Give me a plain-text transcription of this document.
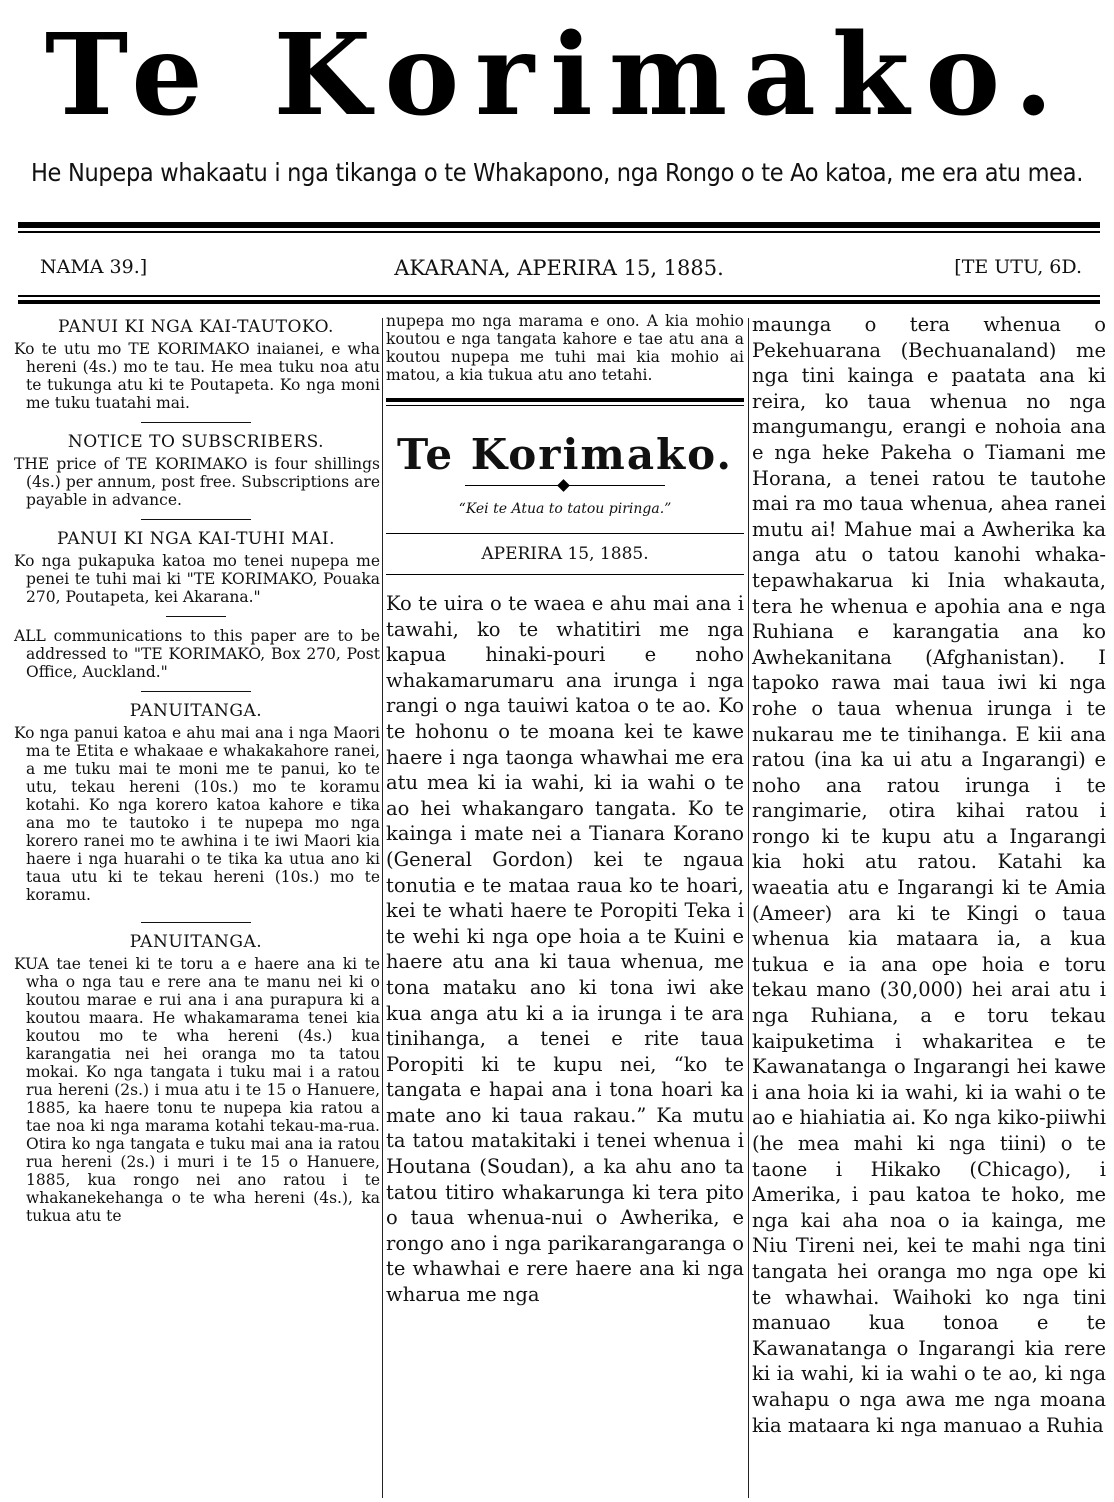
Te Korimako.
He Nupepa whakaatu i nga tikanga o te Whakapono, nga Rongo o te Ao katoa, me era atu mea.
NAMA 39.]	AKARANA, APERIRA 15, 1885.	[TE UTU, 6D.
PANUI KI NGA KAI-TAUTOKO.

Ko te utu mo TE KORIMAKO inaianei, e wha hereni (4s.) mo te tau. He mea tuku noa atu te tukunga atu ki te Poutapeta. Ko nga moni me tuku tuatahi mai.

NOTICE TO SUBSCRIBERS.

THE price of TE KORIMAKO is four shillings (4s.) per annum, post free. Subscriptions are payable in advance.

PANUI KI NGA KAI-TUHI MAI.

Ko nga pukapuka katoa mo tenei nupepa me penei te tuhi mai ki "TE KORIMAKO, Pouaka 270, Poutapeta, kei Akarana."

ALL communications to this paper are to be addressed to "TE KORIMAKO, Box 270, Post Office, Auckland."

PANUITANGA.

Ko nga panui katoa e ahu mai ana i nga Maori ma te Etita e whakaae e whakakahore ranei, a me tuku mai te moni me te panui, ko te utu, tekau hereni (10s.) mo te koramu kotahi. Ko nga korero katoa kahore e tika ana mo te tautoko i te nupepa mo nga korero ranei mo te awhina i te iwi Maori kia haere i nga huarahi o te tika ka utua ano ki taua utu ki te tekau hereni (10s.) mo te koramu.

PANUITANGA.

KUA tae tenei ki te toru a e haere ana ki te wha o nga tau e rere ana te manu nei ki o koutou marae e rui ana i ana purapura ki a koutou maara. He whakamarama tenei kia koutou mo te wha hereni (4s.) kua karangatia nei hei oranga mo ta tatou mokai. Ko nga tangata i tuku mai i a ratou rua hereni (2s.) i mua atu i te 15 o Hanuere, 1885, ka haere tonu te nupepa kia ratou a tae noa ki nga marama kotahi tekau-ma-rua. Otira ko nga tangata e tuku mai ana ia ratou rua hereni (2s.) i muri i te 15 o Hanuere, 1885, kua rongo nei ano ratou i te whakanekehanga o te wha hereni (4s.), ka tukua atu te

nupepa mo nga marama e ono. A kia mohio koutou e nga tangata kahore e tae atu ana a koutou nupepa me tuhi mai kia mohio ai matou, a kia tukua atu ano tetahi.
Te Korimako.
“Kei te Atua to tatou piringa.”
APERIRA 15, 1885.
Ko te uira o te waea e ahu mai ana i tawahi, ko te whatitiri me nga kapua hinaki-pouri e noho whakamarumaru ana irunga i nga rangi o nga tauiwi katoa o te ao. Ko te hohonu o te moana kei te kawe haere i nga taonga whawhai me era atu mea ki ia wahi, ki ia wahi o te ao hei whakangaro tangata. Ko te kainga i mate nei a Tianara Korano (General Gordon) kei te ngaua tonutia e te mataa raua ko te hoari, kei te whati haere te Poropiti Teka i te wehi ki nga ope hoia a te Kuini e haere atu ana ki taua whenua, me tona mataku ano ki tona iwi ake kua anga atu ki a ia irunga i te ara tinihanga, a tenei e rite taua Poropiti ki te kupu nei, “ko te tangata e hapai ana i tona hoari ka mate ano ki taua rakau.” Ka mutu ta tatou matakitaki i tenei whenua i Houtana (Soudan), a ka ahu ano ta tatou titiro whakarunga ki tera pito o taua whenua-nui o Awherika, e rongo ano i nga parikarangaranga o te whawhai e rere haere ana ki nga wharua me nga

maunga o tera whenua o Pekehuarana (Bechuanaland) me nga tini kainga e paatata ana ki reira, ko taua whenua no nga mangumangu, erangi e nohoia ana e nga heke Pakeha o Tiamani me Horana, a tenei ratou te tautohe mai ra mo taua whenua, ahea ranei mutu ai! Mahue mai a Awherika ka anga atu o tatou kanohi whaka-tepawhakarua ki Inia whakauta, tera he whenua e apohia ana e nga Ruhiana e karangatia ana ko Awhekanitana (Afghanistan). I tapoko rawa mai taua iwi ki nga rohe o taua whenua irunga i te nukarau me te tinihanga. E kii ana ratou (ina ka ui atu a Ingarangi) e noho ana ratou irunga i te rangimarie, otira kihai ratou i rongo ki te kupu atu a Ingarangi kia hoki atu ratou. Katahi ka waeatia atu e Ingarangi ki te Amia (Ameer) ara ki te Kingi o taua whenua kia mataara ia, a kua tukua e ia ana ope hoia e toru tekau mano (30,000) hei arai atu i nga Ruhiana, a e toru tekau kaipuketima i whakaritea e te Kawanatanga o Ingarangi hei kawe i ana hoia ki ia wahi, ki ia wahi o te ao e hiahiatia ai. Ko nga kiko-piiwhi (he mea mahi ki nga tiini) o te taone i Hikako (Chicago), i Amerika, i pau katoa te hoko, me nga kai aha noa o ia kainga, me Niu Tireni nei, kei te mahi nga tini tangata hei oranga mo nga ope ki te whawhai. Waihoki ko nga tini manuao kua tonoa e te Kawanatanga o Ingarangi kia rere ki ia wahi, ki ia wahi o te ao, ki nga wahapu o nga awa me nga moana kia mataara ki nga manuao a Ruhia
